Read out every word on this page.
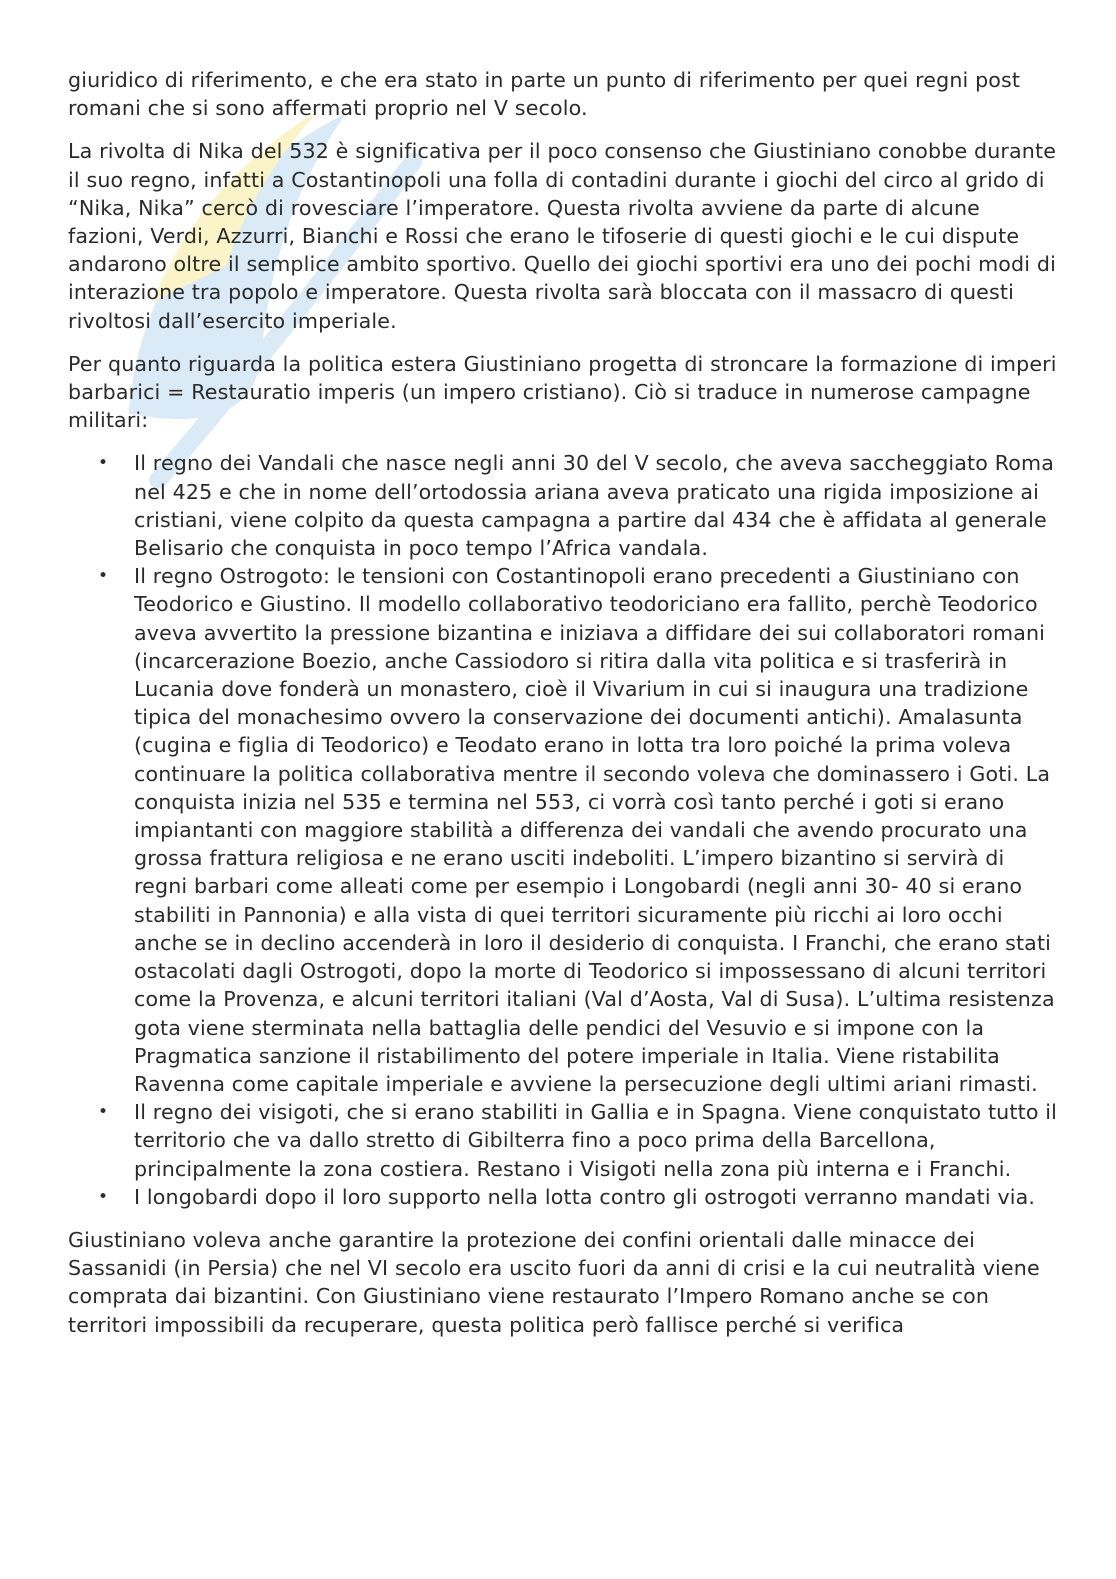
giuridico di riferimento, e che era stato in parte un punto di riferimento per quei regni post romani che si sono affermati proprio nel V secolo.

La rivolta di Nika del 532 è significativa per il poco consenso che Giustiniano conobbe durante il suo regno, infatti a Costantinopoli una folla di contadini durante i giochi del circo al grido di “Nika, Nika” cercò di rovesciare l’imperatore. Questa rivolta avviene da parte di alcune fazioni, Verdi, Azzurri, Bianchi e Rossi che erano le tifoserie di questi giochi e le cui dispute andarono oltre il semplice ambito sportivo. Quello dei giochi sportivi era uno dei pochi modi di interazione tra popolo e imperatore. Questa rivolta sarà bloccata con il massacro di questi rivoltosi dall’esercito imperiale.

Per quanto riguarda la politica estera Giustiniano progetta di stroncare la formazione di imperi barbarici = Restauratio imperis (un impero cristiano). Ciò si traduce in numerose campagne militari:

• Il regno dei Vandali che nasce negli anni 30 del V secolo, che aveva saccheggiato Roma nel 425 e che in nome dell’ortodossia ariana aveva praticato una rigida imposizione ai cristiani, viene colpito da questa campagna a partire dal 434 che è affidata al generale Belisario che conquista in poco tempo l’Africa vandala.
• Il regno Ostrogoto: le tensioni con Costantinopoli erano precedenti a Giustiniano con Teodorico e Giustino. Il modello collaborativo teodoriciano era fallito, perchè Teodorico aveva avvertito la pressione bizantina e iniziava a diffidare dei sui collaboratori romani (incarcerazione Boezio, anche Cassiodoro si ritira dalla vita politica e si trasferirà in Lucania dove fonderà un monastero, cioè il Vivarium in cui si inaugura una tradizione tipica del monachesimo ovvero la conservazione dei documenti antichi). Amalasunta (cugina e figlia di Teodorico) e Teodato erano in lotta tra loro poiché la prima voleva continuare la politica collaborativa mentre il secondo voleva che dominassero i Goti. La conquista inizia nel 535 e termina nel 553, ci vorrà così tanto perché i goti si erano impiantanti con maggiore stabilità a differenza dei vandali che avendo procurato una grossa frattura religiosa e ne erano usciti indeboliti. L’impero bizantino si servirà di regni barbari come alleati come per esempio i Longobardi (negli anni 30- 40 si erano stabiliti in Pannonia) e alla vista di quei territori sicuramente più ricchi ai loro occhi anche se in declino accenderà in loro il desiderio di conquista. I Franchi, che erano stati ostacolati dagli Ostrogoti, dopo la morte di Teodorico si impossessano di alcuni territori come la Provenza, e alcuni territori italiani (Val d’Aosta, Val di Susa). L’ultima resistenza gota viene sterminata nella battaglia delle pendici del Vesuvio e si impone con la Pragmatica sanzione il ristabilimento del potere imperiale in Italia. Viene ristabilita Ravenna come capitale imperiale e avviene la persecuzione degli ultimi ariani rimasti.
• Il regno dei visigoti, che si erano stabiliti in Gallia e in Spagna. Viene conquistato tutto il territorio che va dallo stretto di Gibilterra fino a poco prima della Barcellona, principalmente la zona costiera. Restano i Visigoti nella zona più interna e i Franchi.
• I longobardi dopo il loro supporto nella lotta contro gli ostrogoti verranno mandati via.

Giustiniano voleva anche garantire la protezione dei confini orientali dalle minacce dei Sassanidi (in Persia) che nel VI secolo era uscito fuori da anni di crisi e la cui neutralità viene comprata dai bizantini. Con Giustiniano viene restaurato l’Impero Romano anche se con territori impossibili da recuperare, questa politica però fallisce perché si verifica
